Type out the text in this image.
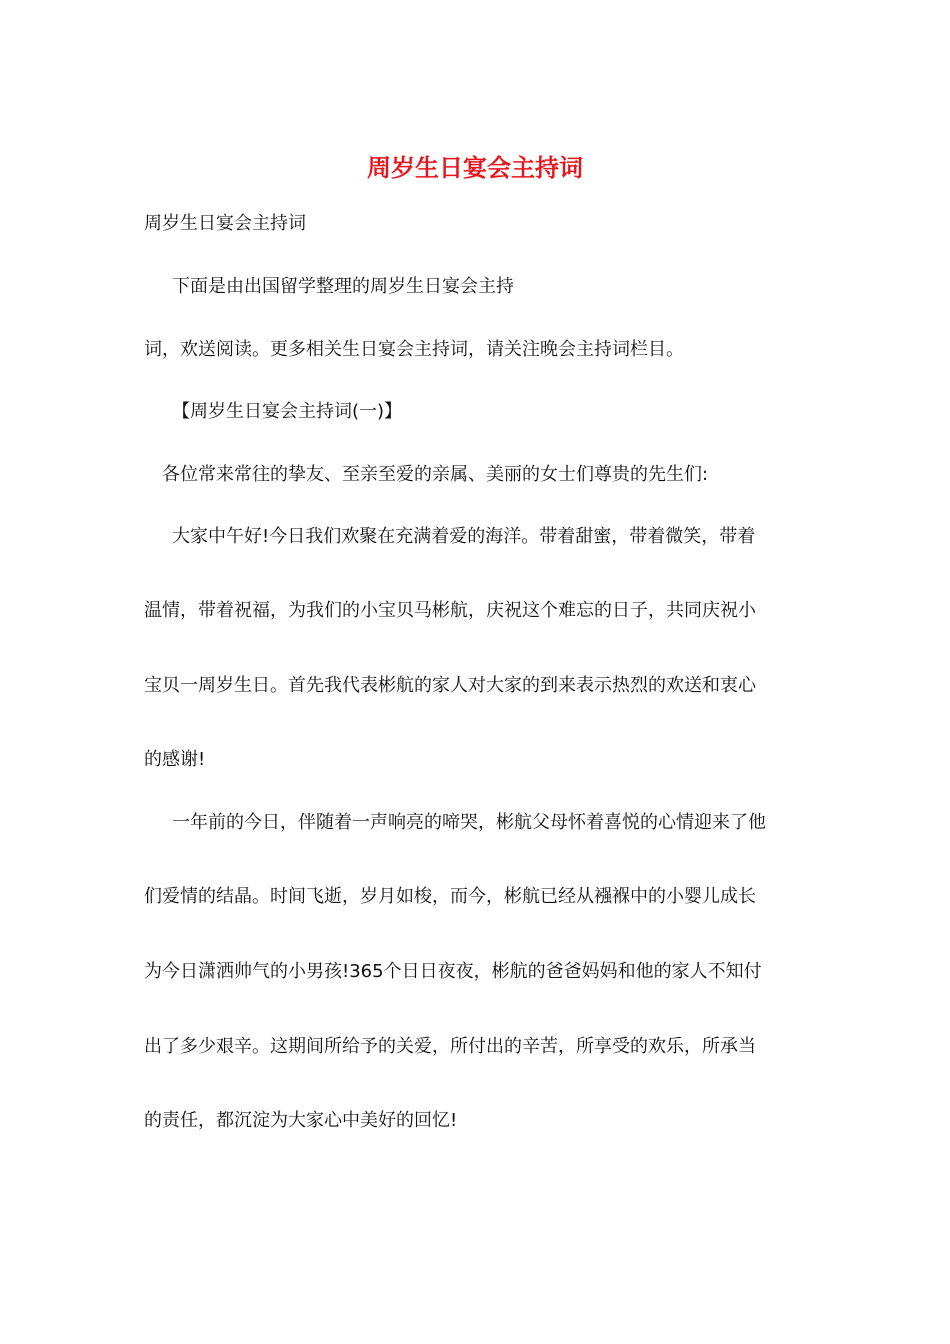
周岁生日宴会主持词
周岁生日宴会主持词
下面是由出国留学整理的周岁生日宴会主持
词，欢送阅读。更多相关生日宴会主持词，请关注晚会主持词栏目。
【周岁生日宴会主持词(一)】
各位常来常往的挚友、至亲至爱的亲属、美丽的女士们尊贵的先生们:
大家中午好!今日我们欢聚在充满着爱的海洋。带着甜蜜，带着微笑，带着
温情，带着祝福，为我们的小宝贝马彬航，庆祝这个难忘的日子，共同庆祝小
宝贝一周岁生日。首先我代表彬航的家人对大家的到来表示热烈的欢送和衷心
的感谢!
一年前的今日，伴随着一声响亮的啼哭，彬航父母怀着喜悦的心情迎来了他
们爱情的结晶。时间飞逝，岁月如梭，而今，彬航已经从襁褓中的小婴儿成长
为今日潇洒帅气的小男孩!365个日日夜夜，彬航的爸爸妈妈和他的家人不知付
出了多少艰辛。这期间所给予的关爱，所付出的辛苦，所享受的欢乐，所承当
的责任，都沉淀为大家心中美好的回忆!
